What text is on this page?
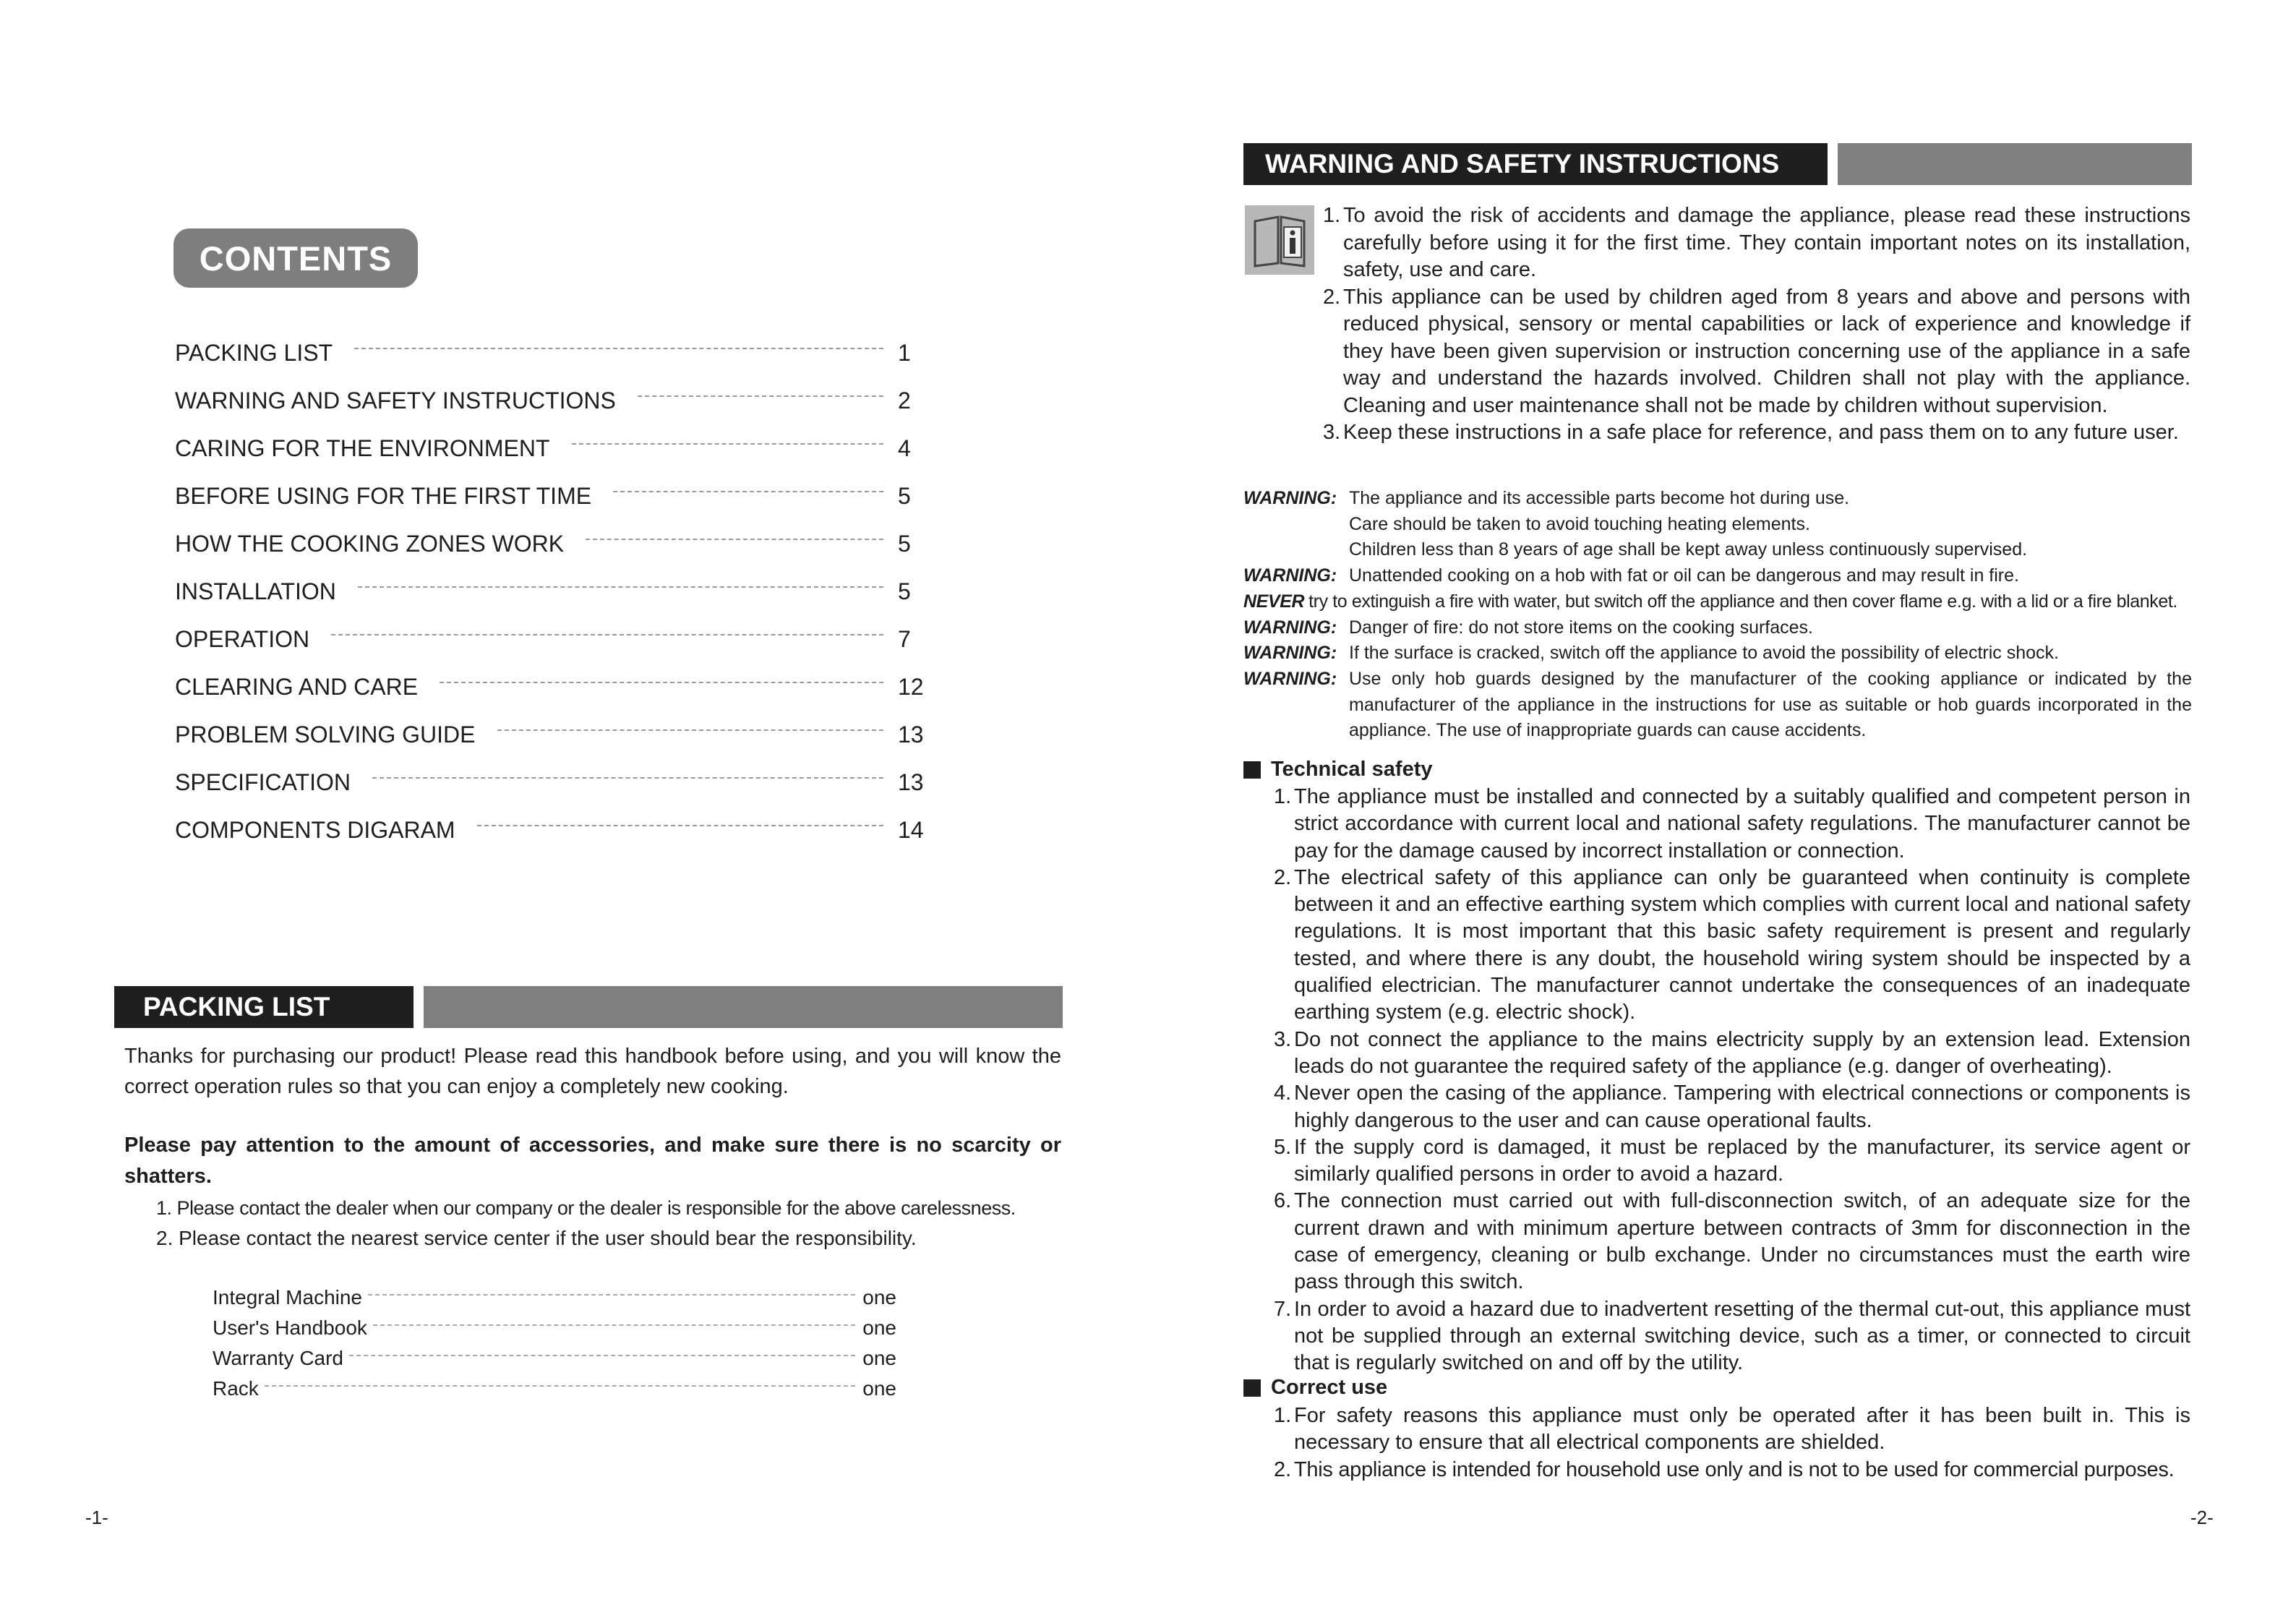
CONTENTS
PACKING LIST	1
WARNING AND SAFETY INSTRUCTIONS	2
CARING FOR THE ENVIRONMENT	4
BEFORE USING FOR THE FIRST TIME	5
HOW THE COOKING ZONES WORK	5
INSTALLATION	5
OPERATION	7
CLEARING AND CARE	12
PROBLEM SOLVING GUIDE	13
SPECIFICATION	13
COMPONENTS DIGARAM	14
PACKING LIST
Thanks for purchasing our product! Please read this handbook before using, and you will know the correct operation rules so that you can enjoy a completely new cooking.
Please pay attention to the amount of accessories, and make sure there is no scarcity or shatters.
1. Please contact the dealer when our company or the dealer is responsible for the above carelessness.
2. Please contact the nearest service center if the user should bear the responsibility.
Integral Machine	one
User's Handbook	one
Warranty Card	one
Rack	one
-1-
WARNING AND SAFETY INSTRUCTIONS
1. To avoid the risk of accidents and damage the appliance, please read these instructions carefully before using it for the first time. They contain important notes on its installation, safety, use and care.
2. This appliance can be used by children aged from 8 years and above and persons with reduced physical, sensory or mental capabilities or lack of experience and knowledge if they have been given supervision or instruction concerning use of the appliance in a safe way and understand the hazards involved. Children shall not play with the appliance. Cleaning and user maintenance shall not be made by children without supervision.
3. Keep these instructions in a safe place for reference, and pass them on to any future user.
WARNING: The appliance and its accessible parts become hot during use.
Care should be taken to avoid touching heating elements.
Children less than 8 years of age shall be kept away unless continuously supervised.
WARNING: Unattended cooking on a hob with fat or oil can be dangerous and may result in fire.
NEVER try to extinguish a fire with water, but switch off the appliance and then cover flame e.g. with a lid or a fire blanket.
WARNING: Danger of fire: do not store items on the cooking surfaces.
WARNING: If the surface is cracked, switch off the appliance to avoid the possibility of electric shock.
WARNING: Use only hob guards designed by the manufacturer of the cooking appliance or indicated by the manufacturer of the appliance in the instructions for use as suitable or hob guards incorporated in the appliance. The use of inappropriate guards can cause accidents.
Technical safety
1. The appliance must be installed and connected by a suitably qualified and competent person in strict accordance with current local and national safety regulations. The manufacturer cannot be pay for the damage caused by incorrect installation or connection.
2. The electrical safety of this appliance can only be guaranteed when continuity is complete between it and an effective earthing system which complies with current local and national safety regulations. It is most important that this basic safety requirement is present and regularly tested, and where there is any doubt, the household wiring system should be inspected by a qualified electrician. The manufacturer cannot undertake the consequences of an inadequate earthing system (e.g. electric shock).
3. Do not connect the appliance to the mains electricity supply by an extension lead. Extension leads do not guarantee the required safety of the appliance (e.g. danger of overheating).
4. Never open the casing of the appliance. Tampering with electrical connections or components is highly dangerous to the user and can cause operational faults.
5. If the supply cord is damaged, it must be replaced by the manufacturer, its service agent or similarly qualified persons in order to avoid a hazard.
6. The connection must carried out with full-disconnection switch, of an adequate size for the current drawn and with minimum aperture between contracts of 3mm for disconnection in the case of emergency, cleaning or bulb exchange. Under no circumstances must the earth wire pass through this switch.
7. In order to avoid a hazard due to inadvertent resetting of the thermal cut-out, this appliance must not be supplied through an external switching device, such as a timer, or connected to circuit that is regularly switched on and off by the utility.
Correct use
1. For safety reasons this appliance must only be operated after it has been built in. This is necessary to ensure that all electrical components are shielded.
2. This appliance is intended for household use only and is not to be used for commercial purposes.
-2-
